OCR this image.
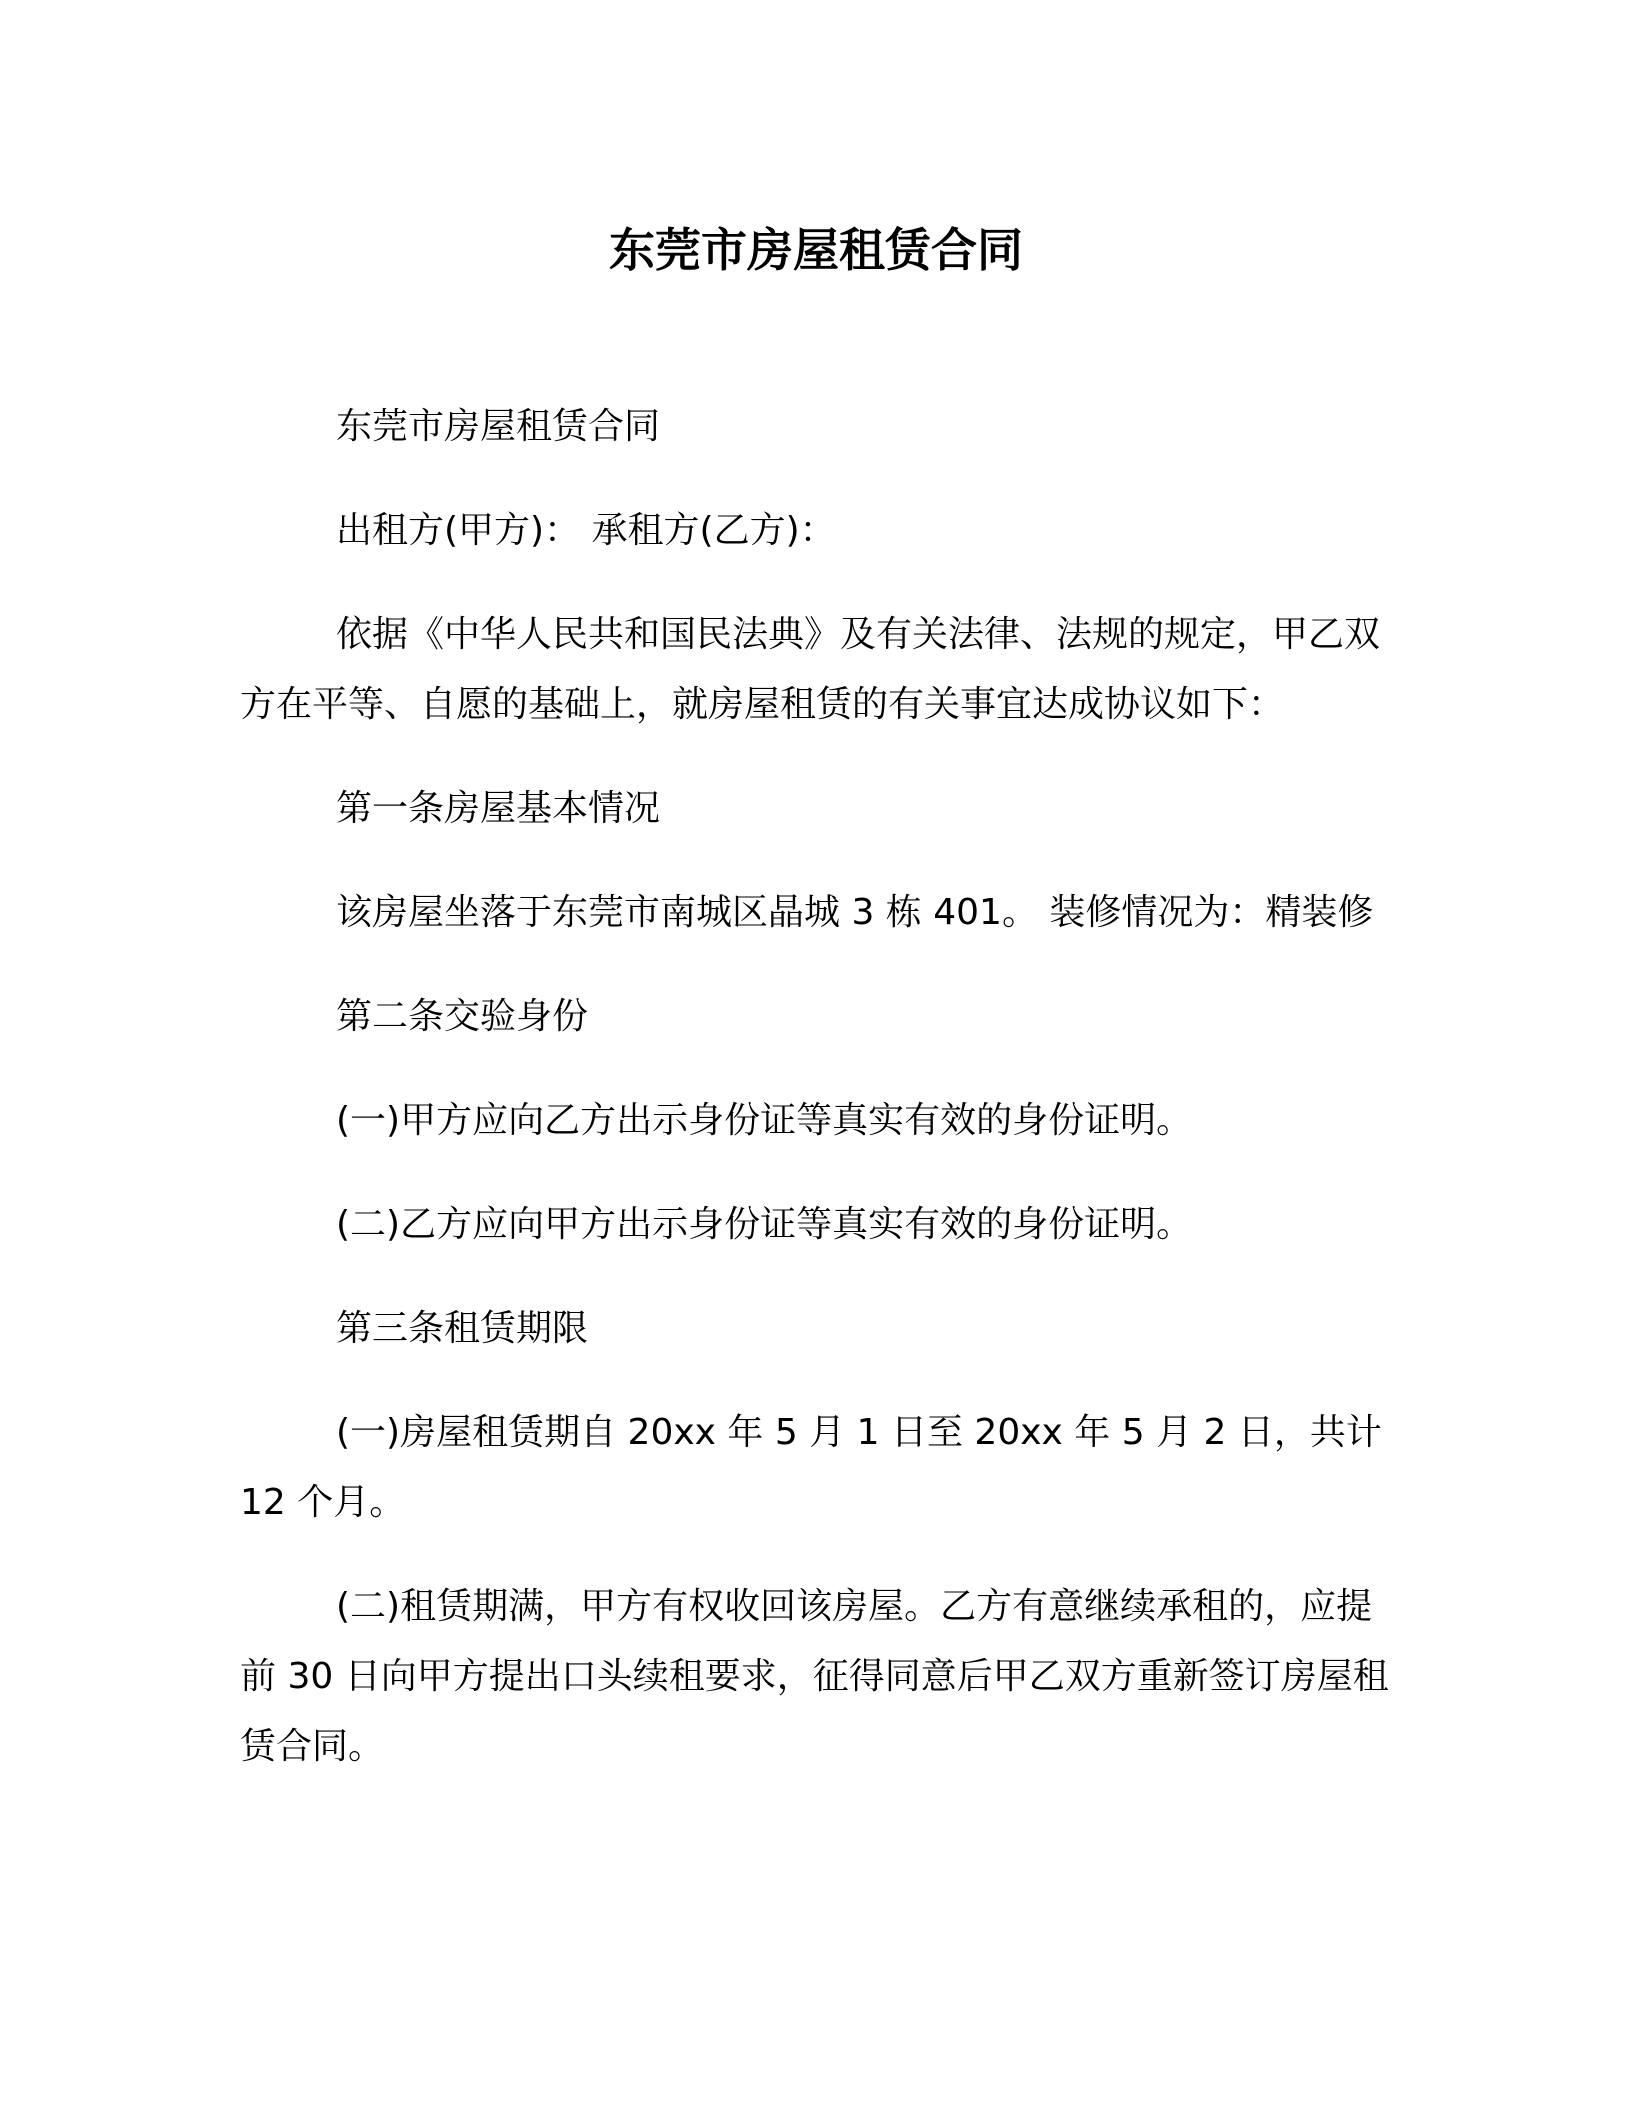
东莞市房屋租赁合同

东莞市房屋租赁合同

出租方(甲方)： 承租方(乙方)：

依据《中华人民共和国民法典》及有关法律、法规的规定，甲乙双方在平等、自愿的基础上，就房屋租赁的有关事宜达成协议如下：

第一条房屋基本情况

该房屋坐落于东莞市南城区晶城 3 栋 401。 装修情况为：精装修

第二条交验身份

(一)甲方应向乙方出示身份证等真实有效的身份证明。

(二)乙方应向甲方出示身份证等真实有效的身份证明。

第三条租赁期限

(一)房屋租赁期自 20xx 年 5 月 1 日至 20xx 年 5 月 2 日，共计 12 个月。

(二)租赁期满，甲方有权收回该房屋。乙方有意继续承租的，应提前 30 日向甲方提出口头续租要求，征得同意后甲乙双方重新签订房屋租赁合同。
